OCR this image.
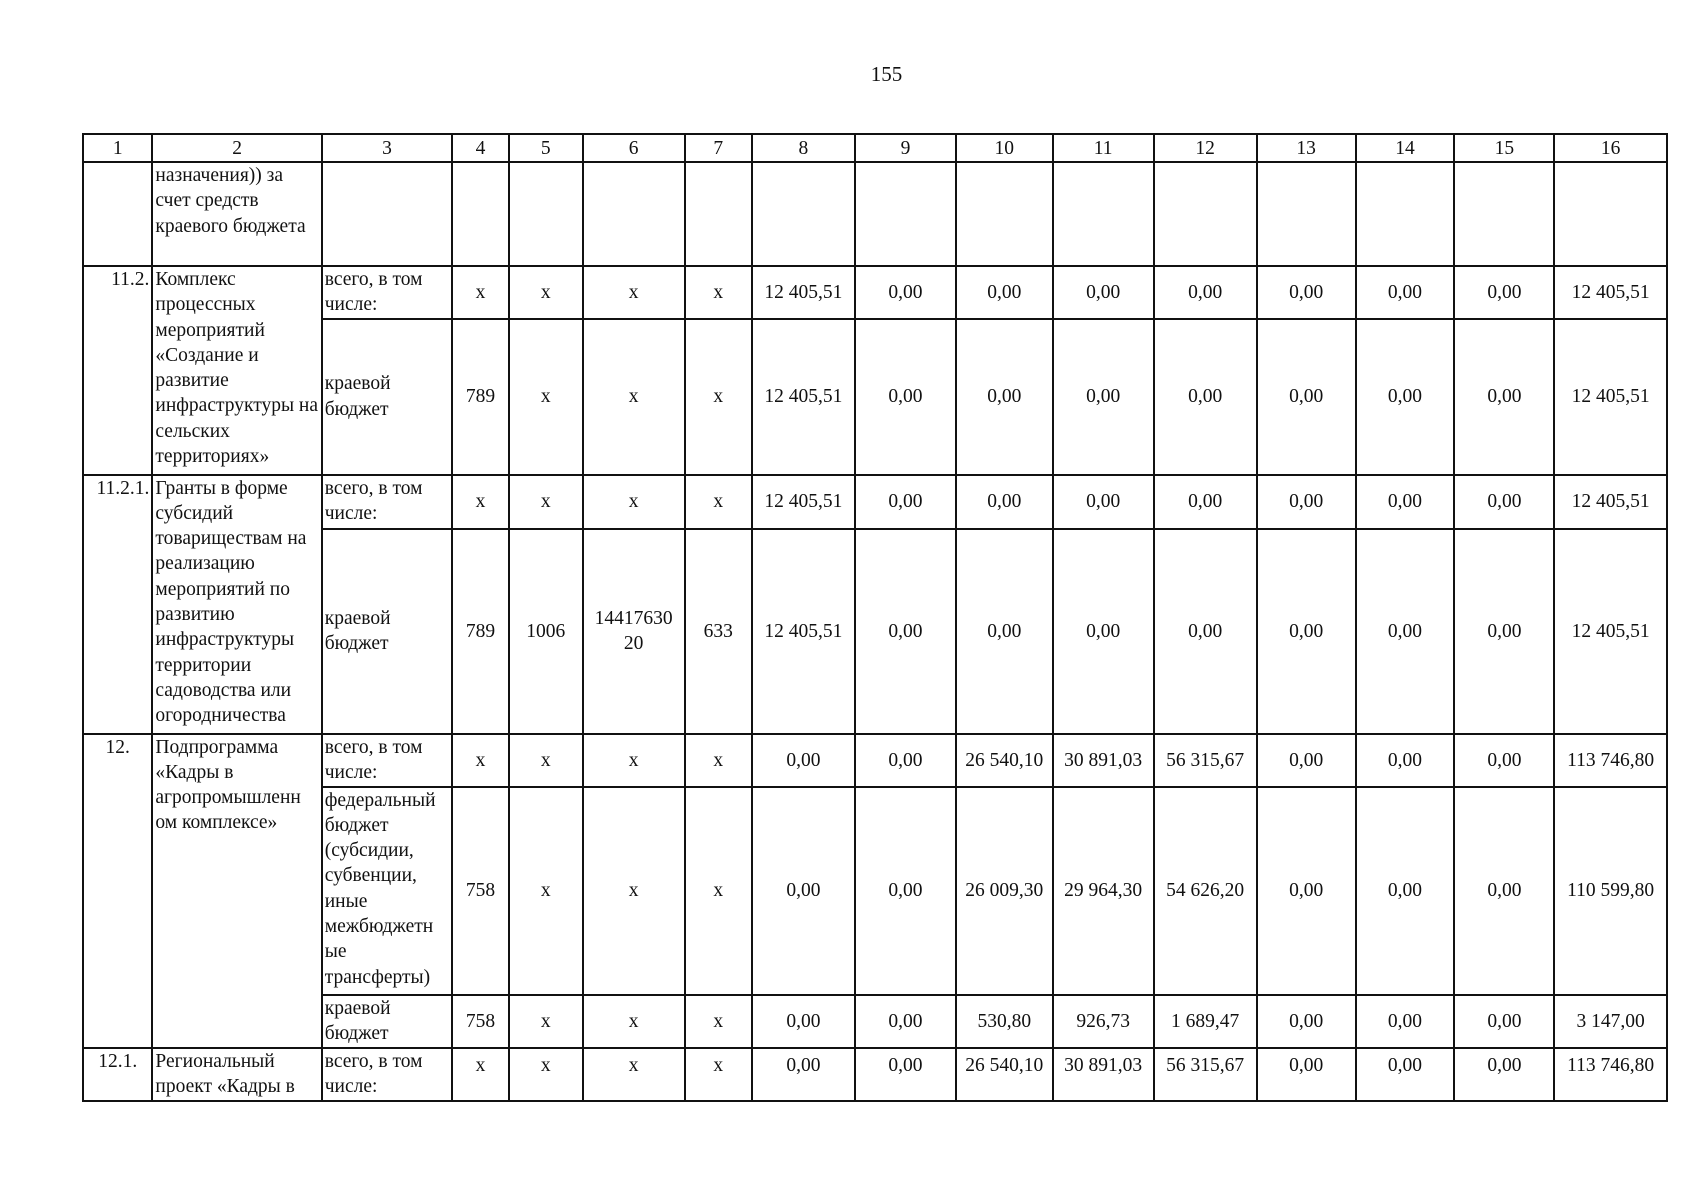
155
1	2	3	4	5	6	7	8	9	10	11	12	13	14	15	16
	назначения)) за счет средств краевого бюджета														
11.2.	Комплекс процессных мероприятий «Создание и развитие инфраструктуры на сельских территориях»	всего, в том числе:	x	x	x	x	12 405,51	0,00	0,00	0,00	0,00	0,00	0,00	0,00	12 405,51
		краевой бюджет	789	x	x	x	12 405,51	0,00	0,00	0,00	0,00	0,00	0,00	0,00	12 405,51
11.2.1.	Гранты в форме субсидий товариществам на реализацию мероприятий по развитию инфраструктуры территории садоводства или огородничества	всего, в том числе:	x	x	x	x	12 405,51	0,00	0,00	0,00	0,00	0,00	0,00	0,00	12 405,51
		краевой бюджет	789	1006	14417630 20	633	12 405,51	0,00	0,00	0,00	0,00	0,00	0,00	0,00	12 405,51
12.	Подпрограмма «Кадры в агропромышленн ом комплексе»	всего, в том числе:	x	x	x	x	0,00	0,00	26 540,10	30 891,03	56 315,67	0,00	0,00	0,00	113 746,80
		федеральный бюджет (субсидии, субвенции, иные межбюджетн ые трансферты)	758	x	x	x	0,00	0,00	26 009,30	29 964,30	54 626,20	0,00	0,00	0,00	110 599,80
		краевой бюджет	758	x	x	x	0,00	0,00	530,80	926,73	1 689,47	0,00	0,00	0,00	3 147,00
12.1.	Региональный проект «Кадры в	всего, в том числе:	x	x	x	x	0,00	0,00	26 540,10	30 891,03	56 315,67	0,00	0,00	0,00	113 746,80
